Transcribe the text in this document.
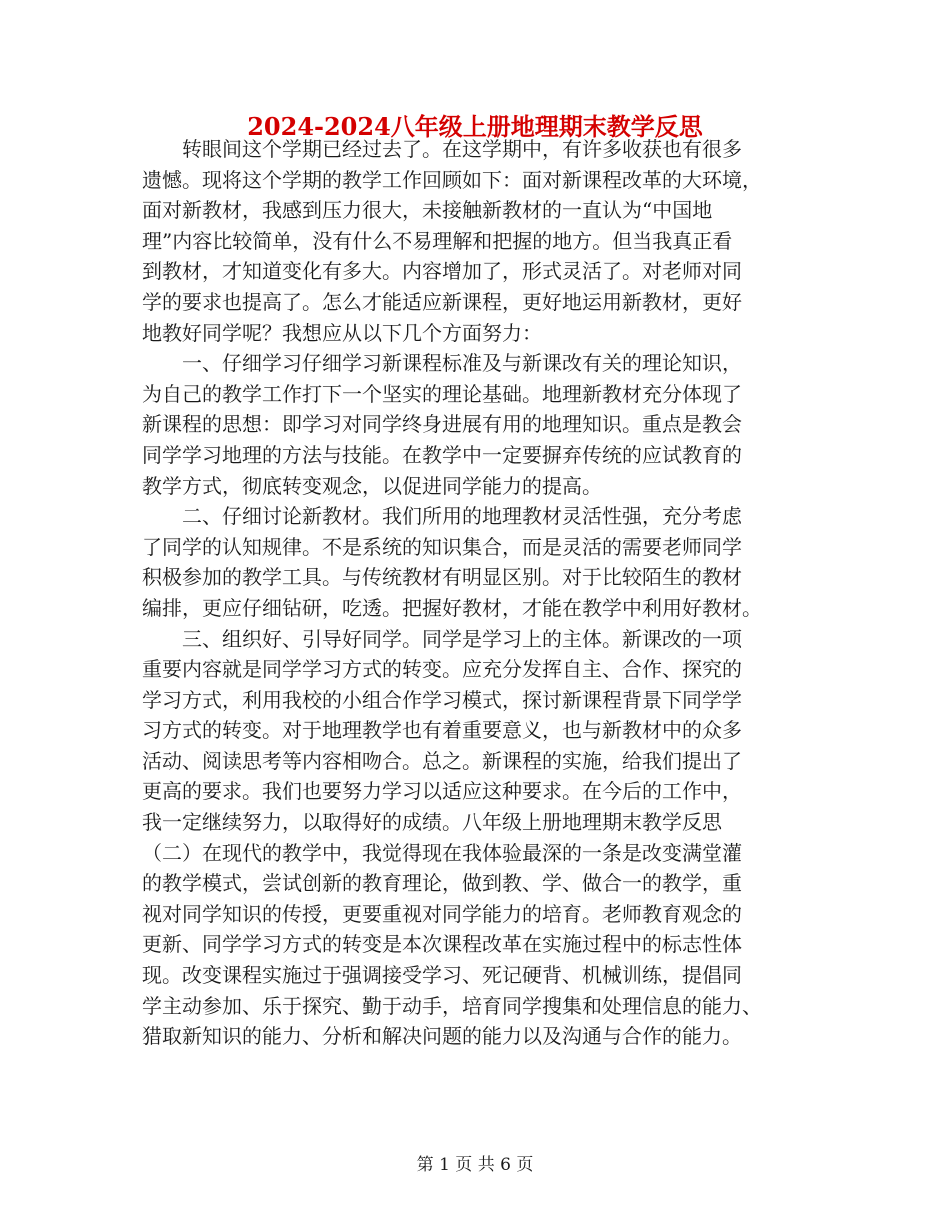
2024-2024八年级上册地理期末教学反思
　　转眼间这个学期已经过去了。在这学期中，有许多收获也有很多
遗憾。现将这个学期的教学工作回顾如下：面对新课程改革的大环境，
面对新教材，我感到压力很大，未接触新教材的一直认为“中国地
理”内容比较简单，没有什么不易理解和把握的地方。但当我真正看
到教材，才知道变化有多大。内容增加了，形式灵活了。对老师对同
学的要求也提高了。怎么才能适应新课程，更好地运用新教材，更好
地教好同学呢？我想应从以下几个方面努力：
　　一、仔细学习仔细学习新课程标准及与新课改有关的理论知识，
为自己的教学工作打下一个坚实的理论基础。地理新教材充分体现了
新课程的思想：即学习对同学终身进展有用的地理知识。重点是教会
同学学习地理的方法与技能。在教学中一定要摒弃传统的应试教育的
教学方式，彻底转变观念，以促进同学能力的提高。
　　二、仔细讨论新教材。我们所用的地理教材灵活性强，充分考虑
了同学的认知规律。不是系统的知识集合，而是灵活的需要老师同学
积极参加的教学工具。与传统教材有明显区别。对于比较陌生的教材
编排，更应仔细钻研，吃透。把握好教材，才能在教学中利用好教材。
　　三、组织好、引导好同学。同学是学习上的主体。新课改的一项
重要内容就是同学学习方式的转变。应充分发挥自主、合作、探究的
学习方式，利用我校的小组合作学习模式，探讨新课程背景下同学学
习方式的转变。对于地理教学也有着重要意义，也与新教材中的众多
活动、阅读思考等内容相吻合。总之。新课程的实施，给我们提出了
更高的要求。我们也要努力学习以适应这种要求。在今后的工作中，
我一定继续努力，以取得好的成绩。八年级上册地理期末教学反思
（二）在现代的教学中，我觉得现在我体验最深的一条是改变满堂灌
的教学模式，尝试创新的教育理论，做到教、学、做合一的教学，重
视对同学知识的传授，更要重视对同学能力的培育。老师教育观念的
更新、同学学习方式的转变是本次课程改革在实施过程中的标志性体
现。改变课程实施过于强调接受学习、死记硬背、机械训练，提倡同
学主动参加、乐于探究、勤于动手，培育同学搜集和处理信息的能力、
猎取新知识的能力、分析和解决问题的能力以及沟通与合作的能力。
第 1 页 共 6 页
